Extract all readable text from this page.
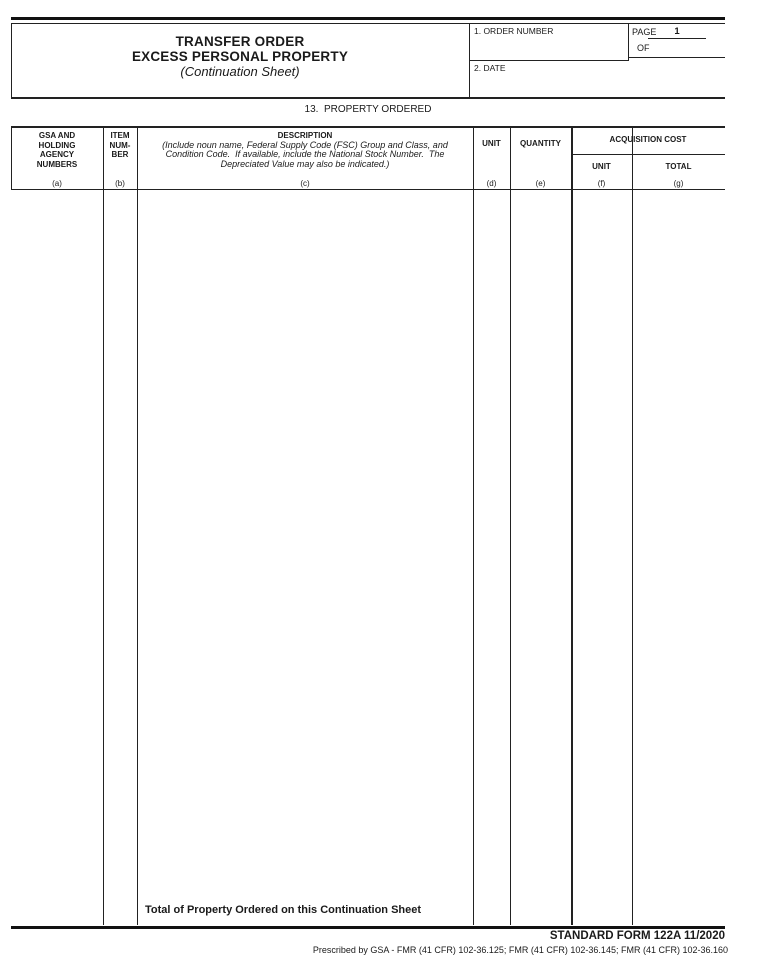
TRANSFER ORDER
EXCESS PERSONAL PROPERTY
(Continuation Sheet)
1. ORDER NUMBER	PAGE	1
OF
2. DATE
13.  PROPERTY ORDERED
GSA AND
HOLDING
AGENCY
NUMBERS
(a)
ITEM
NUM-
BER
(b)
DESCRIPTION
(Include noun name, Federal Supply Code (FSC) Group and Class, and
Condition Code.  If available, include the National Stock Number.  The
Depreciated Value may also be indicated.)
(c)
UNIT
(d)
QUANTITY
(e)
ACQUISITION COST
UNIT
(f)
TOTAL
(g)
Total of Property Ordered on this Continuation Sheet
STANDARD FORM 122A 11/2020
Prescribed by GSA - FMR (41 CFR) 102-36.125; FMR (41 CFR) 102-36.145; FMR (41 CFR) 102-36.160
